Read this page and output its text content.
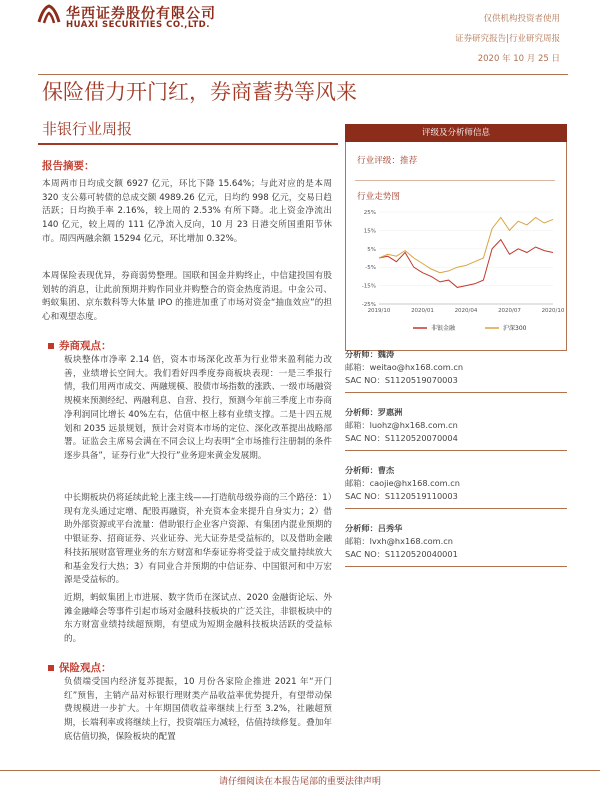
华西证券股份有限公司
HUAXI SECURITIES CO.,LTD.
仅供机构投资者使用
证券研究报告|行业研究周报
2020 年 10 月 25 日
保险借力开门红，券商蓄势等风来
非银行业周报
报告摘要：
本周两市日均成交额 6927 亿元，环比下降 15.64%；与此对应的是本周 320 支公募可转债的总成交额 4989.26 亿元，日均约 998 亿元，交易日趋活跃；日均换手率 2.16%，较上周的 2.53% 有所下降。北上资金净流出 140 亿元，较上周的 111 亿净流入反向，10 月 23 日港交所国重阳节休市。周四两融余额 15294 亿元，环比增加 0.32%。
本周保险表现优异，券商弱势整理。国联和国金并购终止，中信建投国有股划转的消息，让此前预期并购作同业并购整合的资金热度消退。中金公司、蚂蚁集团、京东数科等大体量 IPO 的推进加重了市场对资金“抽血效应”的担心和观望态度。
券商观点：
板块整体市净率 2.14 倍，资本市场深化改革为行业带来盈利能力改善，业绩增长空间大。我们看好四季度券商板块表现：一是三季报行情，我们用两市成交、两融规模、股债市场指数的涨跌、一级市场融资规模来预测经纪、两融利息、自营、投行，预测今年前三季度上市券商净利润同比增长 40%左右，估值中枢上移有业绩支撑。二是十四五规划和 2035 远景规划，预计会对资本市场的定位、深化改革提出战略部署。证监会主席易会满在不同会议上均表明“全市场推行注册制的条件逐步具备”，证券行业“大投行”业务迎来黄金发展期。
中长期板块仍将延续此轮上涨主线——打造航母级券商的三个路径：1）现有龙头通过定增、配股再融资，补充资本金来提升自身实力；2）借助外部资源或平台流量：借助银行企业客户资源、有集团内混业预期的中银证券、招商证券、兴业证券、光大证券是受益标的，以及借助金融科技拓展财富管理业务的东方财富和华泰证券将受益于成交量持续放大和基金发行大热；3）有同业合并预期的中信证券、中国银河和中万宏源是受益标的。
近期，蚂蚁集团上市进展、数字货币在深试点、2020 金融街论坛、外滩金融峰会等事件引起市场对金融科技板块的广泛关注，非银板块中的东方财富业绩持续超预期，有望成为短期金融科技板块活跃的受益标的。
保险观点：
负债端受国内经济复苏提振，10 月份各家险企推进 2021 年“开门红”预售，主销产品对标银行理财类产品收益率优势提升，有望带动保费规模进一步扩大。十年期国债收益率继续上行至 3.2%，社融超预期，长端利率或将继续上行，投资端压力减轻，估值持续修复。叠加年底估值切换，保险板块的配置
评级及分析师信息
行业评级：推荐
行业走势图
25%
15%
5%
-5%
-15%
-25%
2019/10	2020/01	2020/04	2020/07	2020/10
非银金融	沪深300
分析师：魏涛
邮箱：weitao@hx168.com.cn
SAC NO：S1120519070003
分析师：罗惠洲
邮箱：luohz@hx168.com.cn
SAC NO：S1120520070004
分析师：曹杰
邮箱：caojie@hx168.com.cn
SAC NO：S1120519110003
分析师：吕秀华
邮箱：lvxh@hx168.com.cn
SAC NO：S1120520040001
请仔细阅读在本报告尾部的重要法律声明
